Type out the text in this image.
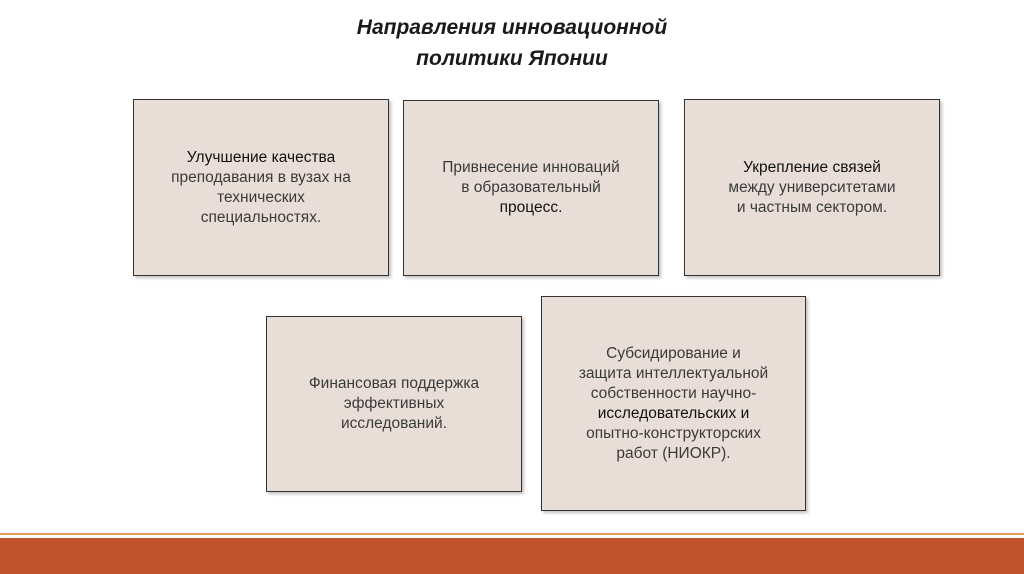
Направления инновационной
политики Японии
Улучшение качества
преподавания в вузах на
технических
специальностях.
Привнесение инноваций
в образовательный
процесс.
Укрепление связей
между университетами
и частным сектором.
Финансовая поддержка
эффективных
исследований.
Субсидирование и
защита интеллектуальной
собственности научно-
исследовательских и
опытно-конструкторских
работ (НИОКР).
